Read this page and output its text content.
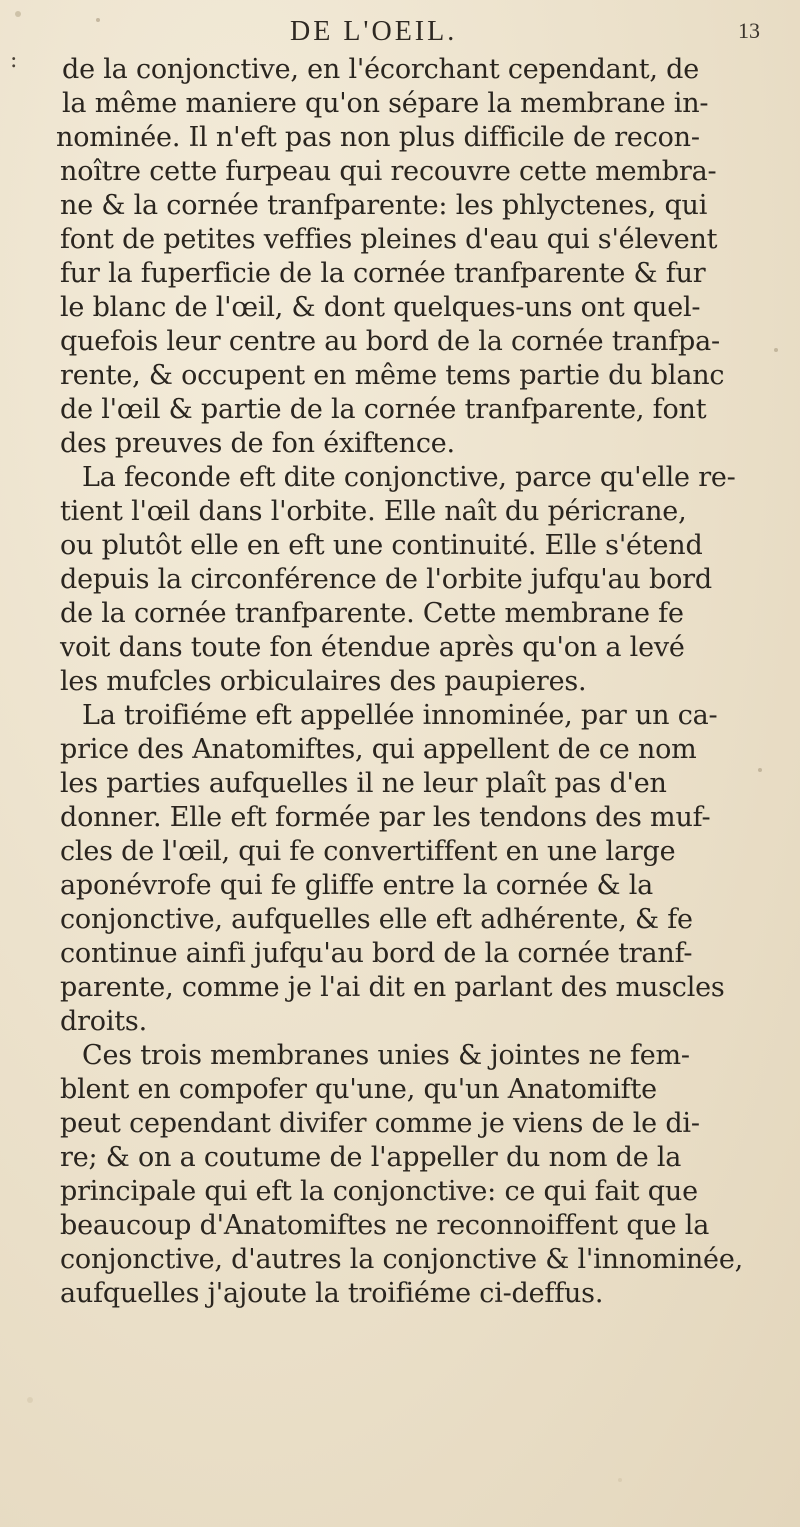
DE L'OEIL.	13
: de la conjonctive, en l'écorchant cependant, de
la même maniere qu'on sépare la membrane in-
nominée. Il n'eft pas non plus difficile de recon-
noître cette furpeau qui recouvre cette membra-
ne & la cornée tranfparente: les phlyctenes, qui
font de petites veffies pleines d'eau qui s'élevent
fur la fuperficie de la cornée tranfparente & fur
le blanc de l'œil, & dont quelques-uns ont quel-
quefois leur centre au bord de la cornée tranfpa-
rente, & occupent en même tems partie du blanc
de l'œil & partie de la cornée tranfparente, font
des preuves de fon éxiftence.
La feconde eft dite conjonctive, parce qu'elle re-
tient l'œil dans l'orbite. Elle naît du péricrane,
ou plutôt elle en eft une continuité. Elle s'étend
depuis la circonférence de l'orbite jufqu'au bord
de la cornée tranfparente. Cette membrane fe
voit dans toute fon étendue après qu'on a levé
les mufcles orbiculaires des paupieres.
La troifiéme eft appellée innominée, par un ca-
price des Anatomiftes, qui appellent de ce nom
les parties aufquelles il ne leur plaît pas d'en
donner. Elle eft formée par les tendons des muf-
cles de l'œil, qui fe convertiffent en une large
aponévrofe qui fe gliffe entre la cornée & la
conjonctive, aufquelles elle eft adhérente, & fe
continue ainfi jufqu'au bord de la cornée tranf-
parente, comme je l'ai dit en parlant des muscles
droits.
Ces trois membranes unies & jointes ne fem-
blent en compofer qu'une, qu'un Anatomifte
peut cependant divifer comme je viens de le di-
re; & on a coutume de l'appeller du nom de la
principale qui eft la conjonctive: ce qui fait que
beaucoup d'Anatomiftes ne reconnoiffent que la
conjonctive, d'autres la conjonctive & l'innominée,
aufquelles j'ajoute la troifiéme ci-deffus.
